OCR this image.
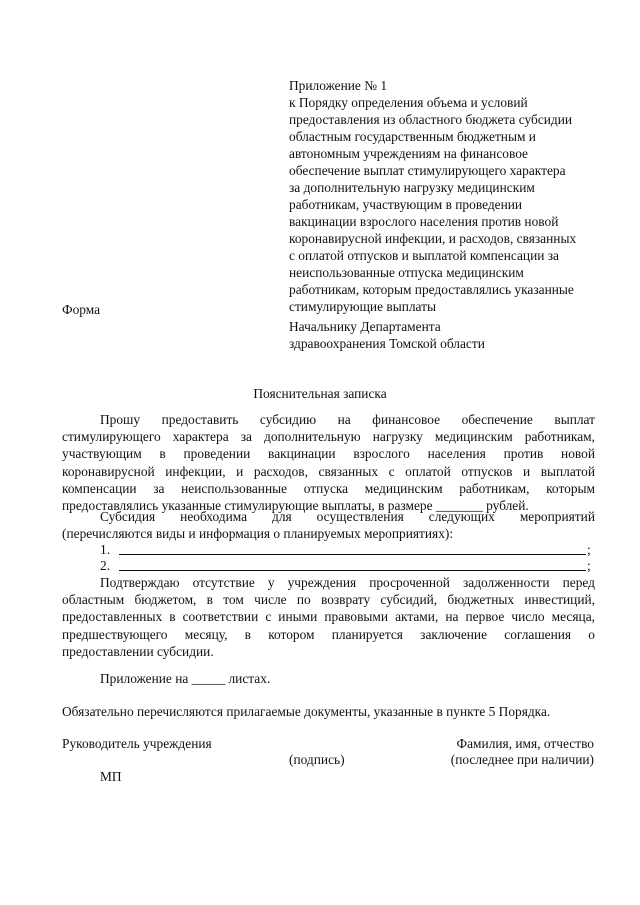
Приложение № 1
к Порядку определения объема и условий
предоставления из областного бюджета субсидии
областным государственным бюджетным и
автономным учреждениям на финансовое
обеспечение выплат стимулирующего характера
за дополнительную нагрузку медицинским
работникам, участвующим в проведении
вакцинации взрослого населения против новой
коронавирусной инфекции, и расходов, связанных
с оплатой отпусков и выплатой компенсации за
неиспользованные отпуска медицинским
работникам, которым предоставлялись указанные
стимулирующие выплаты
Форма
Начальнику Департамента
здравоохранения Томской области
Пояснительная записка
Прошу предоставить субсидию на финансовое обеспечение выплат
стимулирующего характера за дополнительную нагрузку медицинским работникам,
участвующим в проведении вакцинации взрослого населения против новой
коронавирусной инфекции, и расходов, связанных с оплатой отпусков и выплатой
компенсации за неиспользованные отпуска медицинским работникам, которым
предоставлялись указанные стимулирующие выплаты, в размере _______ рублей.
Субсидия необходима для осуществления следующих мероприятий
(перечисляются виды и информация о планируемых мероприятиях):
1.	;
2.	;
Подтверждаю отсутствие у учреждения просроченной задолженности перед
областным бюджетом, в том числе по возврату субсидий, бюджетных инвестиций,
предоставленных в соответствии с иными правовыми актами, на первое число месяца,
предшествующего месяцу, в котором планируется заключение соглашения о
предоставлении субсидии.
Приложение на _____ листах.
Обязательно перечисляются прилагаемые документы, указанные в пункте 5 Порядка.
Руководитель учреждения	Фамилия, имя, отчество
(подпись)	(последнее при наличии)
МП
